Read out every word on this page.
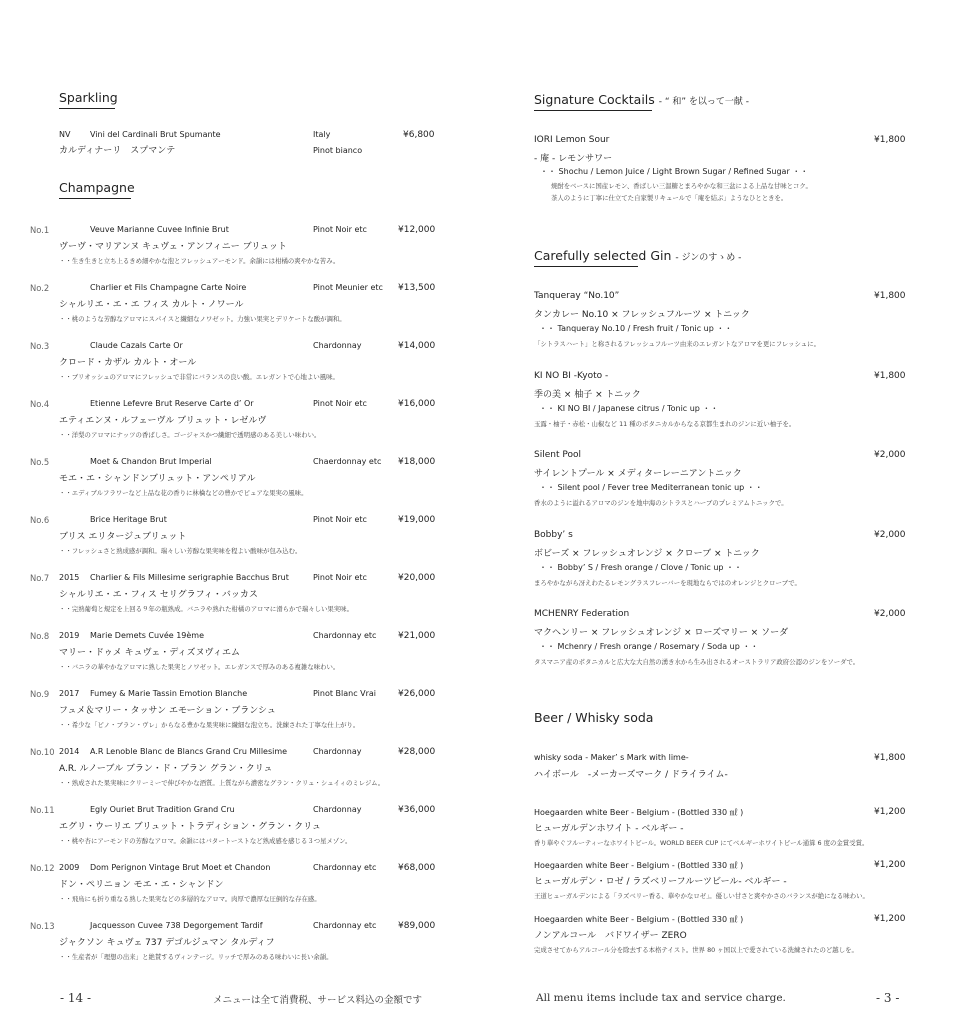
Sparkling
NV Vini del Cardinali Brut Spumante
カルディナーリ　スプマンテ
Italy
Pinot bianco
¥6,800
Champagne
No.1	Veuve Marianne Cuvee Infinie Brut	Pinot Noir etc	¥12,000
ヴーヴ・マリアンヌ キュヴェ・アンフィニー ブリュット
・・生き生きと立ち上るきめ細やかな泡とフレッシュアーモンド。余韻には柑橘の爽やかな苦み。
No.2	Charlier et Fils Champagne Carte Noire	Pinot Meunier etc ¥13,500
シャルリエ・エ・エ フィス カルト・ノワール
・・桃のような芳醇なアロマにスパイスと繊細なノワゼット。力強い果実とデリケートな酸が調和。
No.3	Claude Cazals Carte Or	Chardonnay	¥14,000
クロード・カザル カルト・オール
・・ブリオッシュのアロマにフレッシュで非常にバランスの良い酸。エレガントで心地よい風味。
No.4	Etienne Lefevre Brut Reserve Carte d’ Or	Pinot Noir etc	¥16,000
エティエンヌ・ルフェーヴル ブリュット・レゼルヴ
・・洋梨のアロマにナッツの香ばしさ。ゴージャスかつ繊細で透明感のある美しい味わい。
No.5	Moet & Chandon Brut Imperial	Chaerdonnay etc ¥18,000
モエ・エ・シャンドンブリュット・アンペリアル
・・エディブルフラワーなど上品な花の香りに林檎などの豊かでピュアな果実の風味。
No.6	Brice Heritage Brut	Pinot Noir etc	¥19,000
ブリス エリタージュブリュット
・・フレッシュさと熟成感が調和。瑞々しい芳醇な果実味を程よい酸味が包み込む。
No.7 2015 Charlier & Fils Millesime serigraphie Bacchus Brut	Pinot Noir etc	¥20,000
シャルリエ・エ・フィス セリグラフィ・バッカス
・・完熟葡萄と規定を上回る９年の瓶熟成。バニラや熟れた柑橘のアロマに滑らかで瑞々しい果実味。
No.8 2019 Marie Demets Cuvée 19ème	Chardonnay etc ¥21,000
マリー・ドゥメ キュヴェ・ディズヌヴィエム
・・バニラの華やかなアロマに熟した果実とノワゼット。エレガンスで厚みのある複雑な味わい。
No.9 2017 Fumey & Marie Tassin Emotion Blanche	Pinot Blanc Vrai ¥26,000
フュメ＆マリー・タッサン エモーション・ブランシュ
・・希少な「ピノ・ブラン・ヴレ」からなる豊かな果実味に繊細な泡立ち。洗練された丁寧な仕上がり。
No.10 2014 A.R Lenoble Blanc de Blancs Grand Cru Millesime	Chardonnay	¥28,000
A.R. ルノーブル ブラン・ド・ブラン グラン・クリュ
・・熟成された果実味にクリーミーで伸びやかな酒質。上質ながら濃密なグラン・クリュ・シュイィのミレジム。
No.11	Egly Ouriet Brut Tradition Grand Cru	Chardonnay	¥36,000
エグリ・ウーリエ ブリュット・トラディション・グラン・クリュ
・・桃や杏にアーモンドの芳醇なアロマ。余韻にはバタートーストなど熟成感を感じる３つ星メゾン。
No.12 2009 Dom Perignon Vintage Brut Moet et Chandon	Chardonnay etc ¥68,000
ドン・ペリニョン モエ・エ・シャンドン
・・飛鳥にも折り重なる熟した果実などの多層的なアロマ。肉厚で濃厚な圧倒的な存在感。
No.13	Jacquesson Cuvee 738 Degorgement Tardif	Chardonnay etc ¥89,000
ジャクソン キュヴェ 737 デゴルジュマン タルディフ
・・生産者が「理想の出来」と絶賛するヴィンテージ。リッチで厚みのある味わいに長い余韻。
- 14 -	メニューは全て消費税、サービス料込の金額です
Signature Cocktails - “ 和” を以って一献 -
IORI Lemon Sour	¥1,800
- 庵 - レモンサワー
・・ Shochu / Lemon Juice / Light Brown Sugar / Refined Sugar ・・
焼酎をベースに国産レモン、香ばしい三温糖とまろやかな和三盆による上品な甘味とコク。
茶人のように丁寧に仕立てた自家製リキュールで「庵を結ぶ」ようなひとときを。
Carefully selected Gin - ジンのすゝめ -
Tanqueray “No.10”	¥1,800
タンカレー No.10 × フレッシュフルーツ × トニック
・・ Tanqueray No.10 / Fresh fruit / Tonic up ・・
「シトラスハート」と称されるフレッシュフルーツ由来のエレガントなアロマを更にフレッシュに。
KI NO BI -Kyoto -	¥1,800
季の美 × 柚子 × トニック
・・ KI NO BI / Japanese citrus / Tonic up ・・
玉露・柚子・赤松・山椒など 11 種のボタニカルからなる京都生まれのジンに近い柚子を。
Silent Pool	¥2,000
サイレントプール × メディターレーニアントニック
・・ Silent pool / Fever tree Mediterranean tonic up ・・
香水のように溢れるアロマのジンを地中海のシトラスとハーブのプレミアムトニックで。
Bobby’ s	¥2,000
ボビーズ × フレッシュオレンジ × クローブ × トニック
・・ Bobby’ S / Fresh orange / Clove / Tonic up ・・
まろやかながら冴えわたるレモングラスフレーバーを現地ならではのオレンジとクローブで。
MCHENRY Federation	¥2,000
マクヘンリー × フレッシュオレンジ × ローズマリー × ソーダ
・・ Mchenry / Fresh orange / Rosemary / Soda up ・・
タスマニア産のボタニカルと広大な大自然の湧き水から生み出されるオーストラリア政府公認のジンをソーダで。
Beer / Whisky soda
whisky soda - Maker’ s Mark with lime-	¥1,800
ハイボール　-メーカーズマーク / ドライライム-
Hoegaarden white Beer - Belgium - (Bottled 330 ㎖ )	¥1,200
ヒューガルデンホワイト - ベルギー -
香り華やぐフルーティーなホワイトビール。WORLD BEER CUP にてベルギーホワイトビール通算 6 度の金賞受賞。
Hoegaarden white Beer - Belgium - (Bottled 330 ㎖ )	¥1,200
ヒューガルデン・ロゼ / ラズベリーフルーツビール- ベルギー -
王道ヒューガルデンによる「ラズベリー香る、華やかなロゼ」。優しい甘さと爽やかさのバランスが絶になる味わい。
Hoegaarden white Beer - Belgium - (Bottled 330 ㎖ )	¥1,200
ノンアルコール　バドワイザー ZERO
完成させてからアルコール分を除去する本格テイスト。世界 80 ヶ国以上で愛されている洗練されたのど越しを。
All menu items include tax and service charge.	- 3 -
